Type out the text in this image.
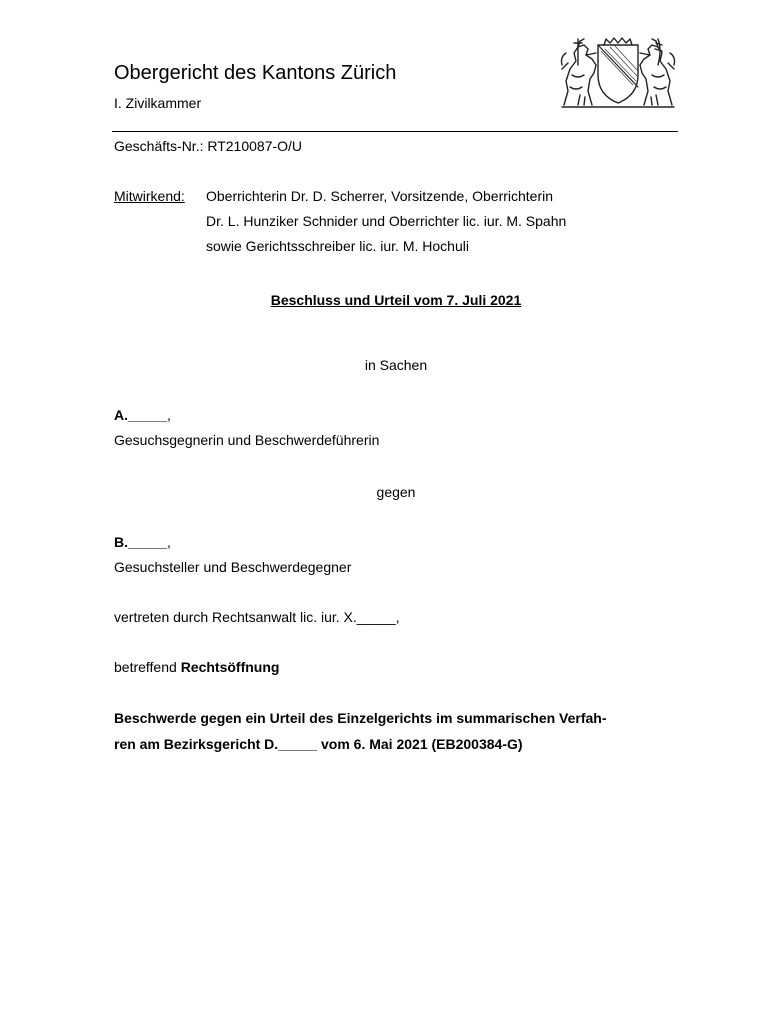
Obergericht des Kantons Zürich
I. Zivilkammer
Geschäfts-Nr.: RT210087-O/U
Mitwirkend: Oberrichterin Dr. D. Scherrer, Vorsitzende, Oberrichterin
Dr. L. Hunziker Schnider und Oberrichter lic. iur. M. Spahn
sowie Gerichtsschreiber lic. iur. M. Hochuli
Beschluss und Urteil vom 7. Juli 2021
in Sachen
A._____,
Gesuchsgegnerin und Beschwerdeführerin
gegen
B._____,
Gesuchsteller und Beschwerdegegner
vertreten durch Rechtsanwalt lic. iur. X._____,
betreffend Rechtsöffnung
Beschwerde gegen ein Urteil des Einzelgerichts im summarischen Verfah-
ren am Bezirksgericht D._____ vom 6. Mai 2021 (EB200384-G)
